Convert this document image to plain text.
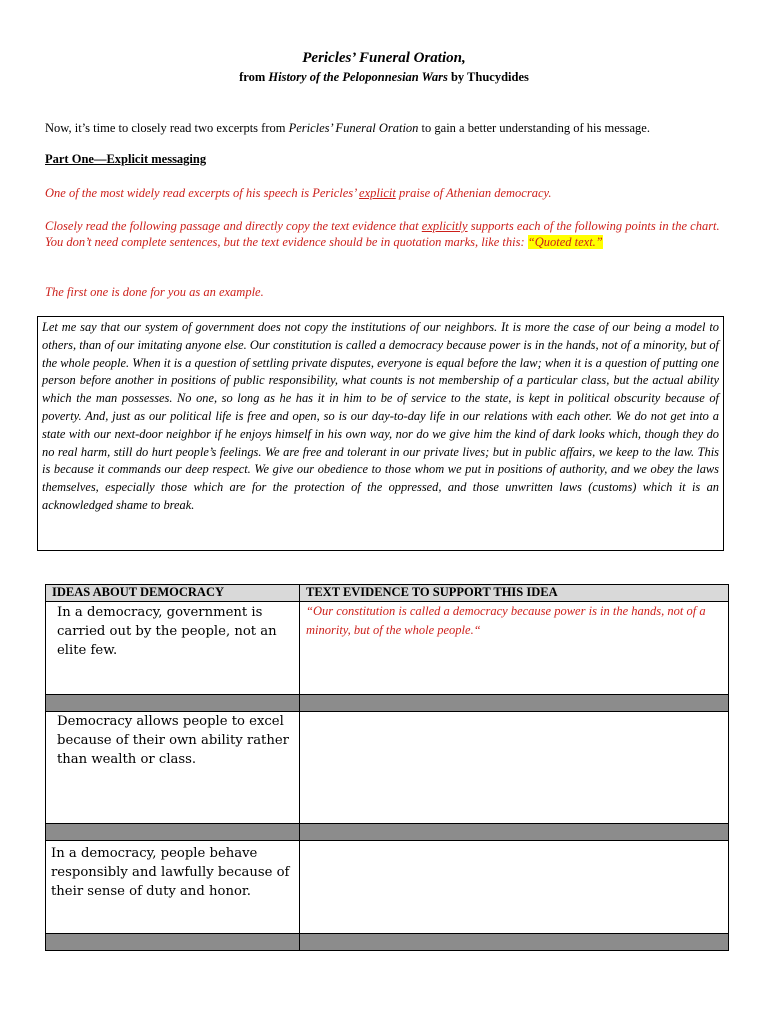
Pericles’ Funeral Oration,
from History of the Peloponnesian Wars by Thucydides
Now, it’s time to closely read two excerpts from Pericles’ Funeral Oration to gain a better understanding of his message.
Part One—Explicit messaging
One of the most widely read excerpts of his speech is Pericles’ explicit praise of Athenian democracy.
Closely read the following passage and directly copy the text evidence that explicitly supports each of the following points in the chart. You don’t need complete sentences, but the text evidence should be in quotation marks, like this: “Quoted text.”
The first one is done for you as an example.
Let me say that our system of government does not copy the institutions of our neighbors. It is more the case of our being a model to others, than of our imitating anyone else. Our constitution is called a democracy because power is in the hands, not of a minority, but of the whole people. When it is a question of settling private disputes, everyone is equal before the law; when it is a question of putting one person before another in positions of public responsibility, what counts is not membership of a particular class, but the actual ability which the man possesses. No one, so long as he has it in him to be of service to the state, is kept in political obscurity because of poverty. And, just as our political life is free and open, so is our day-to-day life in our relations with each other. We do not get into a state with our next-door neighbor if he enjoys himself in his own way, nor do we give him the kind of dark looks which, though they do no real harm, still do hurt people’s feelings. We are free and tolerant in our private lives; but in public affairs, we keep to the law. This is because it commands our deep respect. We give our obedience to those whom we put in positions of authority, and we obey the laws themselves, especially those which are for the protection of the oppressed, and those unwritten laws (customs) which it is an acknowledged shame to break.
IDEAS ABOUT DEMOCRACY	TEXT EVIDENCE TO SUPPORT THIS IDEA

In a democracy, government is carried out by the people, not an elite few.	“Our constitution is called a democracy because power is in the hands, not of a minority, but of the whole people.“

Democracy allows people to excel because of their own ability rather than wealth or class.	

In a democracy, people behave responsibly and lawfully because of their sense of duty and honor.	
